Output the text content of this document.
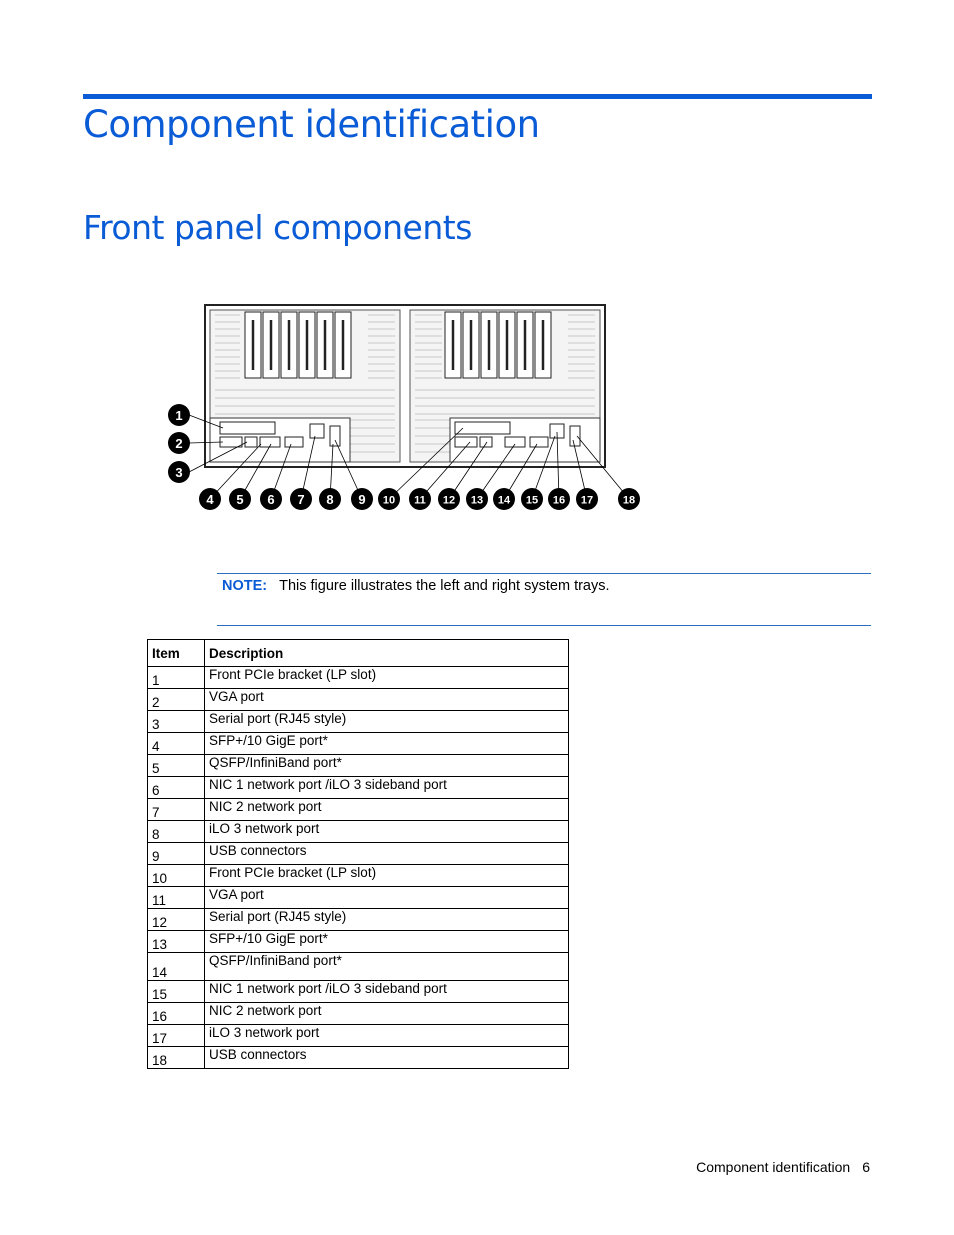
Component identification
Front panel components
1
2
3
4 5 6 7 8 9 10 11 12 13 14 15 16 17	18
NOTE: This figure illustrates the left and right system trays.
Item	Description
1	Front PCIe bracket (LP slot)
2	VGA port
3	Serial port (RJ45 style)
4	SFP+/10 GigE port*
5	QSFP/InfiniBand port*
6	NIC 1 network port /iLO 3 sideband port
7	NIC 2 network port
8	iLO 3 network port
9	USB connectors
10	Front PCIe bracket (LP slot)
11	VGA port
12	Serial port (RJ45 style)
13	SFP+/10 GigE port*
14	QSFP/InfiniBand port*
15	NIC 1 network port /iLO 3 sideband port
16	NIC 2 network port
17	iLO 3 network port
18	USB connectors
Component identification 6
